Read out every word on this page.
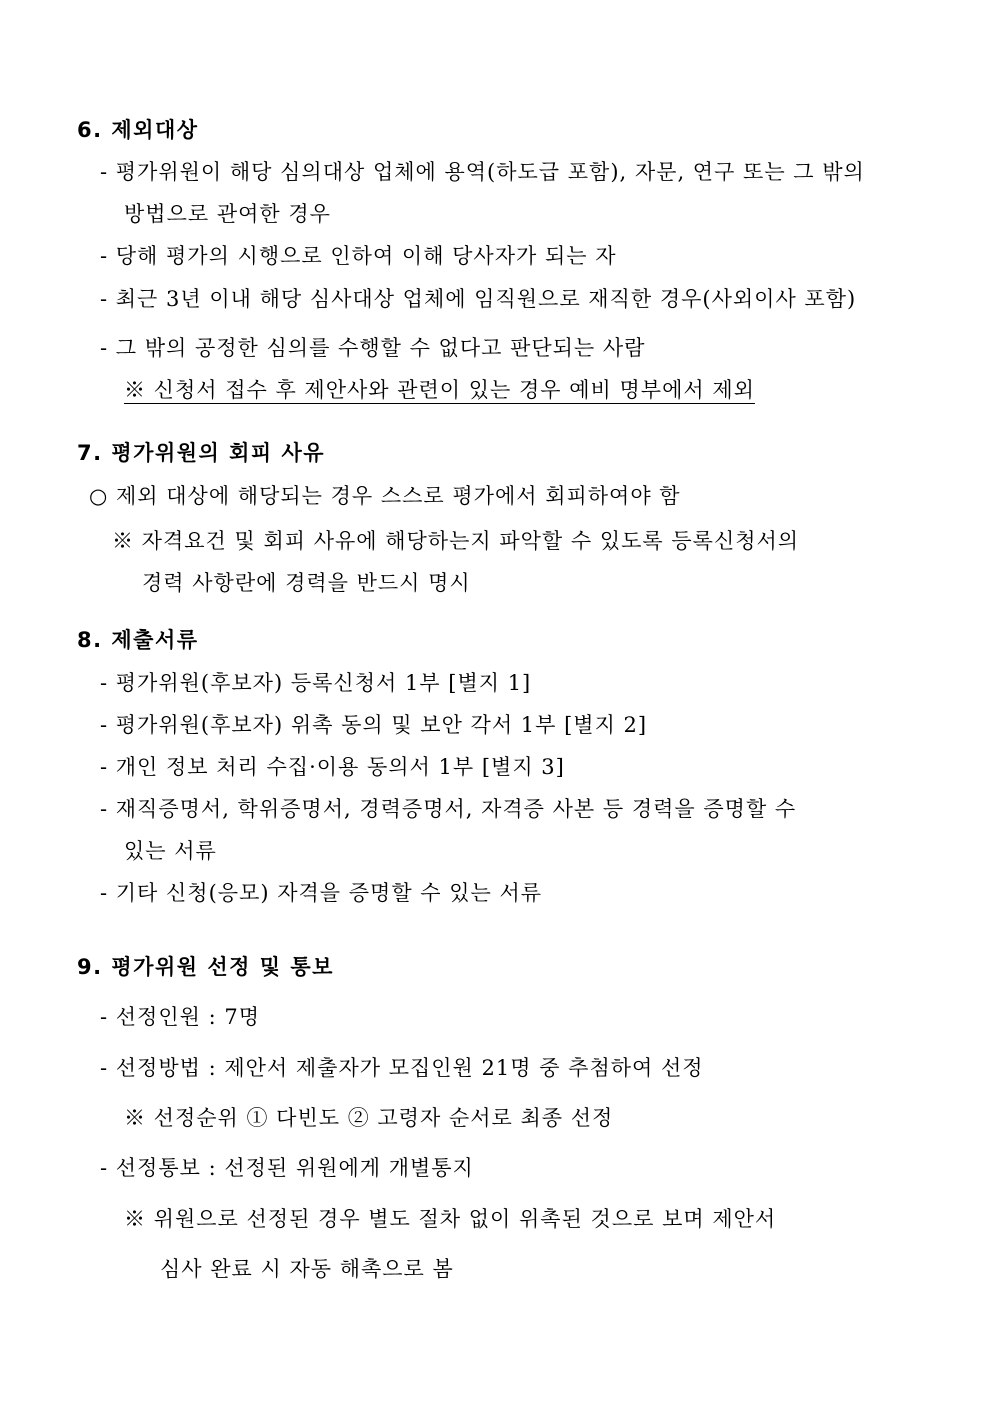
6. 제외대상
- 평가위원이 해당 심의대상 업체에 용역(하도급 포함), 자문, 연구 또는 그 밖의
방법으로 관여한 경우
- 당해 평가의 시행으로 인하여 이해 당사자가 되는 자
- 최근 3년 이내 해당 심사대상 업체에 임직원으로 재직한 경우(사외이사 포함)
- 그 밖의 공정한 심의를 수행할 수 없다고 판단되는 사람
※ 신청서 접수 후 제안사와 관련이 있는 경우 예비 명부에서 제외
7. 평가위원의 회피 사유
○ 제외 대상에 해당되는 경우 스스로 평가에서 회피하여야 함
※ 자격요건 및 회피 사유에 해당하는지 파악할 수 있도록 등록신청서의
경력 사항란에 경력을 반드시 명시
8. 제출서류
- 평가위원(후보자) 등록신청서 1부 [별지 1]
- 평가위원(후보자) 위촉 동의 및 보안 각서 1부 [별지 2]
- 개인 정보 처리 수집·이용 동의서 1부 [별지 3]
- 재직증명서, 학위증명서, 경력증명서, 자격증 사본 등 경력을 증명할 수
있는 서류
- 기타 신청(응모) 자격을 증명할 수 있는 서류
9. 평가위원 선정 및 통보
- 선정인원 : 7명
- 선정방법 : 제안서 제출자가 모집인원 21명 중 추첨하여 선정
※ 선정순위 ① 다빈도 ② 고령자 순서로 최종 선정
- 선정통보 : 선정된 위원에게 개별통지
※ 위원으로 선정된 경우 별도 절차 없이 위촉된 것으로 보며 제안서
심사 완료 시 자동 해촉으로 봄
